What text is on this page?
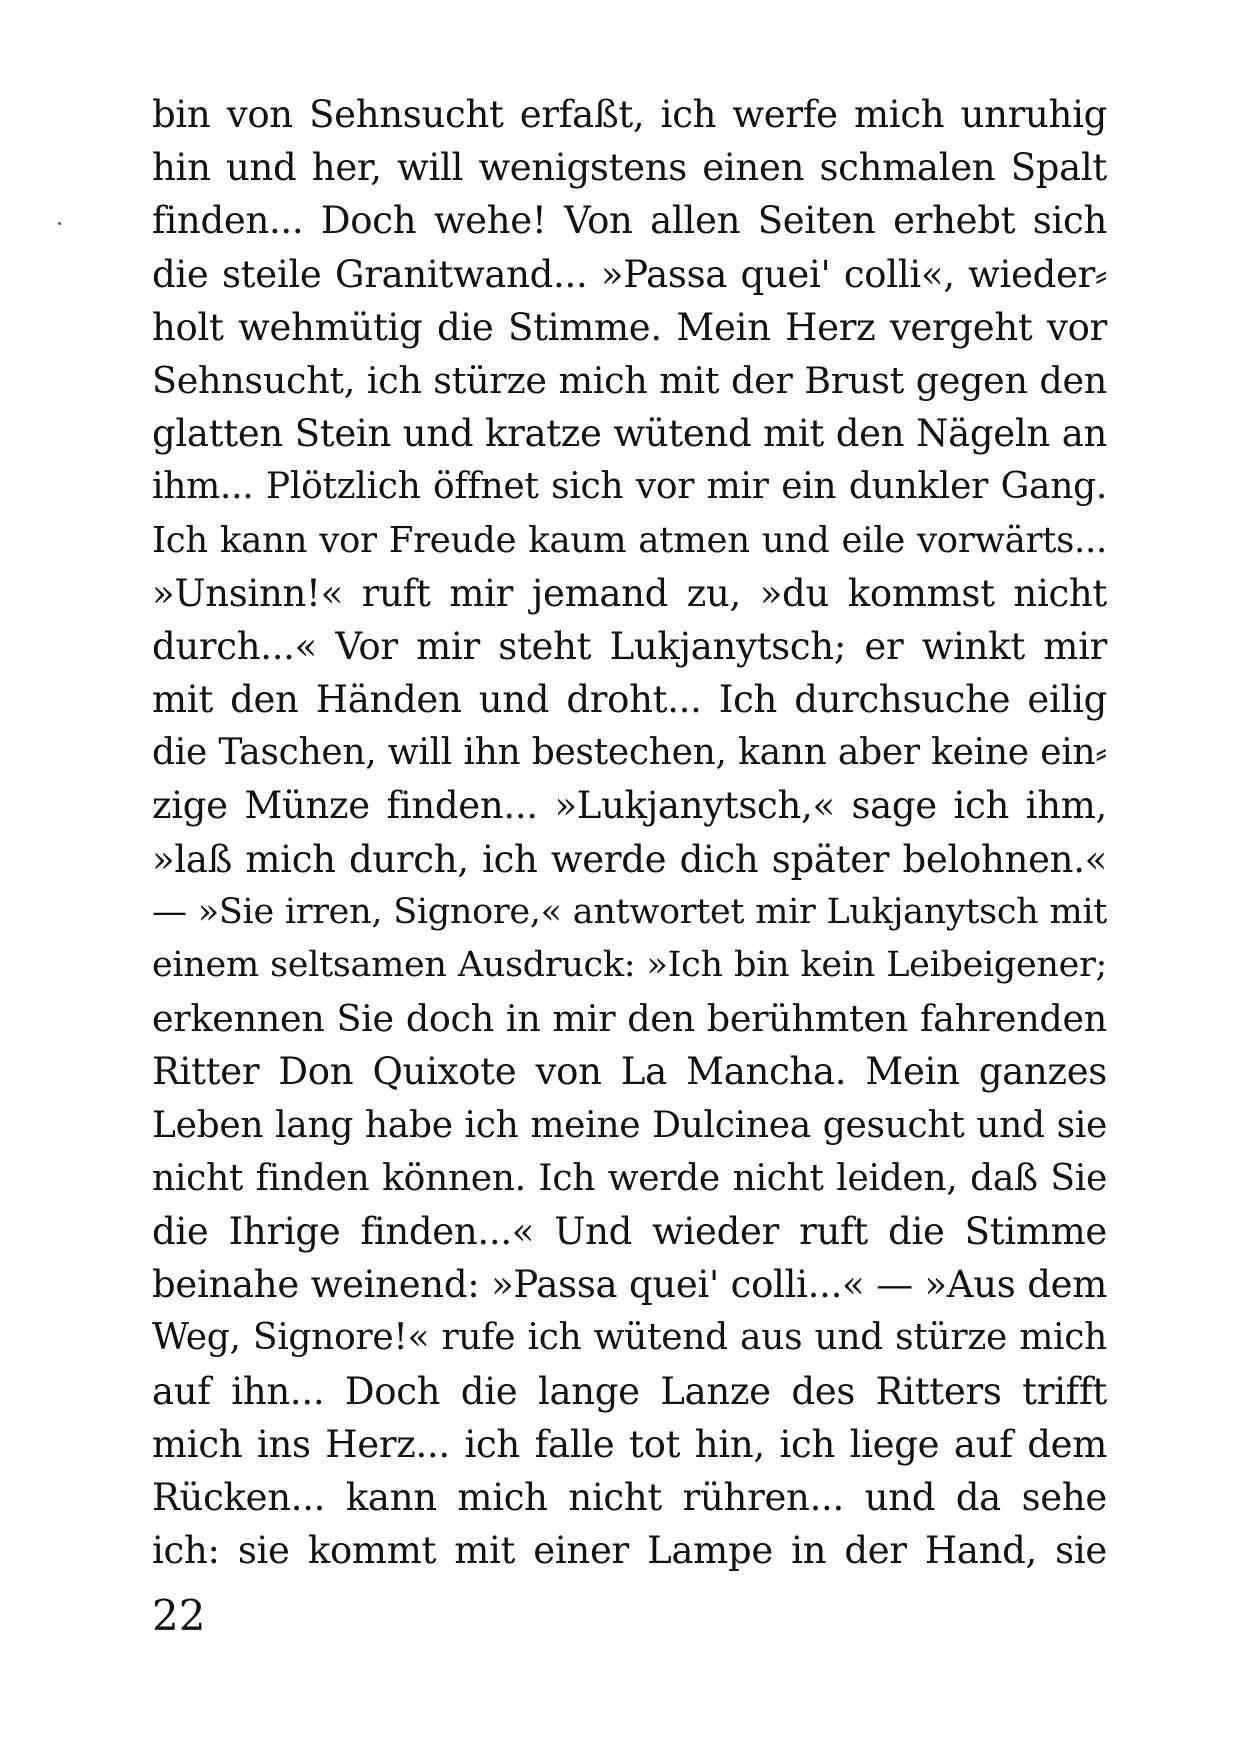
bin von Sehnsucht erfaßt, ich werfe mich unruhig
hin und her, will wenigstens einen schmalen Spalt
finden... Doch wehe! Von allen Seiten erhebt sich
die steile Granitwand... »Passa quei' colli«, wieder⸗
holt wehmütig die Stimme. Mein Herz vergeht vor
Sehnsucht, ich stürze mich mit der Brust gegen den
glatten Stein und kratze wütend mit den Nägeln an
ihm... Plötzlich öffnet sich vor mir ein dunkler Gang.
Ich kann vor Freude kaum atmen und eile vorwärts...
»Unsinn!« ruft mir jemand zu, »du kommst nicht
durch...« Vor mir steht Lukjanytsch; er winkt mir
mit den Händen und droht... Ich durchsuche eilig
die Taschen, will ihn bestechen, kann aber keine ein⸗
zige Münze finden... »Lukjanytsch,« sage ich ihm,
»laß mich durch, ich werde dich später belohnen.«
— »Sie irren, Signore,« antwortet mir Lukjanytsch mit
einem seltsamen Ausdruck: »Ich bin kein Leibeigener;
erkennen Sie doch in mir den berühmten fahrenden
Ritter Don Quixote von La Mancha. Mein ganzes
Leben lang habe ich meine Dulcinea gesucht und sie
nicht finden können. Ich werde nicht leiden, daß Sie
die Ihrige finden...« Und wieder ruft die Stimme
beinahe weinend: »Passa quei' colli...« — »Aus dem
Weg, Signore!« rufe ich wütend aus und stürze mich
auf ihn... Doch die lange Lanze des Ritters trifft
mich ins Herz... ich falle tot hin, ich liege auf dem
Rücken... kann mich nicht rühren... und da sehe
ich: sie kommt mit einer Lampe in der Hand, sie
22
